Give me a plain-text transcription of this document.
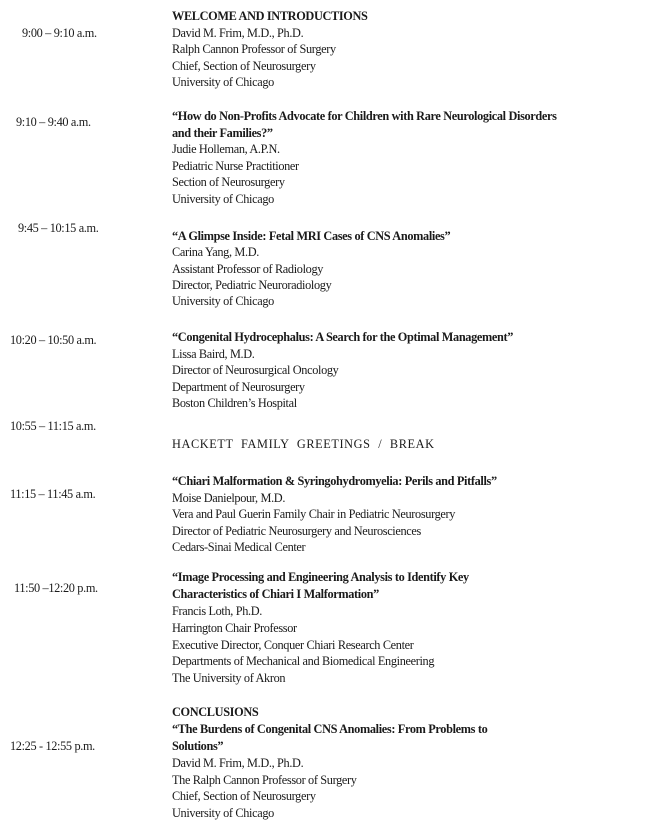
9:00 – 9:10 a.m.
WELCOME AND INTRODUCTIONS
David M. Frim, M.D., Ph.D.
Ralph Cannon Professor of Surgery
Chief, Section of Neurosurgery
University of Chicago
9:10 – 9:40 a.m.	“How do Non-Profits Advocate for Children with Rare Neurological Disorders
and their Families?”
Judie Holleman, A.P.N.
Pediatric Nurse Practitioner
Section of Neurosurgery
University of Chicago
9:45 – 10:15 a.m.
“A Glimpse Inside: Fetal MRI Cases of CNS Anomalies”
Carina Yang, M.D.
Assistant Professor of Radiology
Director, Pediatric Neuroradiology
University of Chicago
10:20 – 10:50 a.m.	“Congenital Hydrocephalus: A Search for the Optimal Management”
Lissa Baird, M.D.
Director of Neurosurgical Oncology
Department of Neurosurgery
Boston Children’s Hospital
10:55 – 11:15 a.m.
HACKETT FAMILY GREETINGS / BREAK
11:15 – 11:45 a.m.
“Chiari Malformation & Syringohydromyelia: Perils and Pitfalls”
Moise Danielpour, M.D.
Vera and Paul Guerin Family Chair in Pediatric Neurosurgery
Director of Pediatric Neurosurgery and Neurosciences
Cedars-Sinai Medical Center
11:50 –12:20 p.m.
“Image Processing and Engineering Analysis to Identify Key
Characteristics of Chiari I Malformation”
Francis Loth, Ph.D.
Harrington Chair Professor
Executive Director, Conquer Chiari Research Center
Departments of Mechanical and Biomedical Engineering
The University of Akron
12:25 - 12:55 p.m.
CONCLUSIONS
“The Burdens of Congenital CNS Anomalies: From Problems to
Solutions”
David M. Frim, M.D., Ph.D.
The Ralph Cannon Professor of Surgery
Chief, Section of Neurosurgery
University of Chicago
